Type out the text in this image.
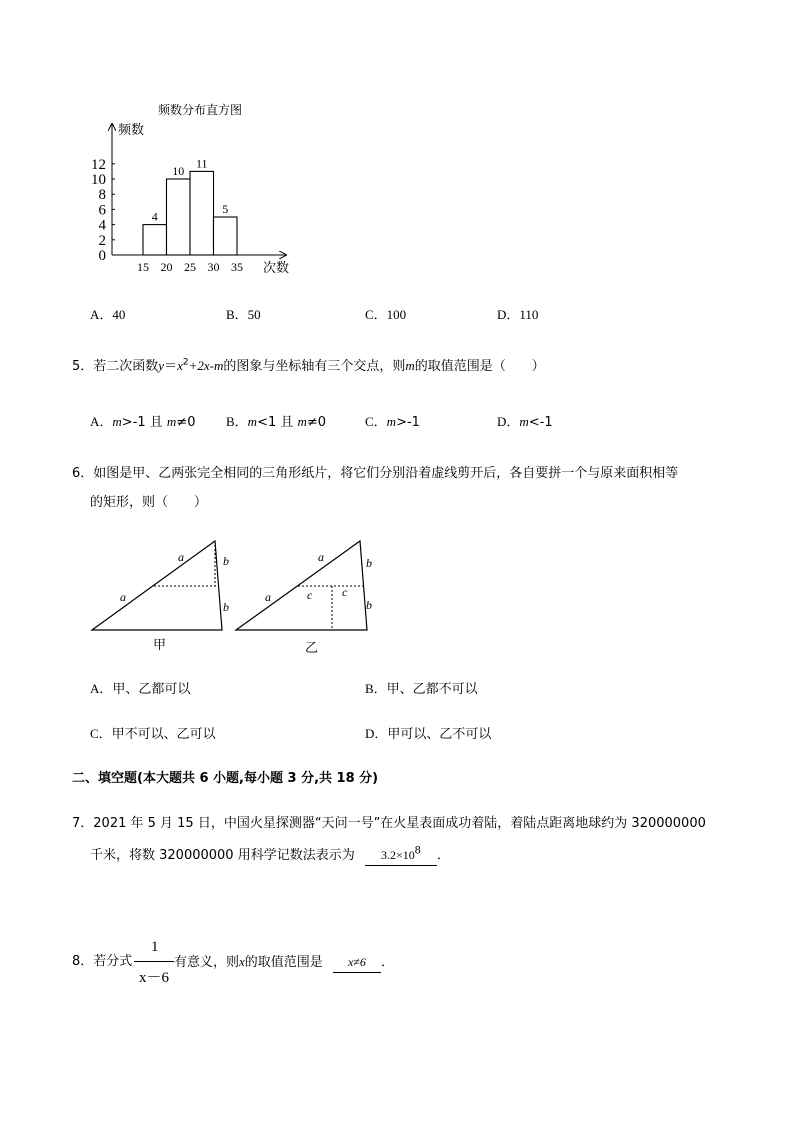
频数分布直方图
0
2
4
6
8
10
12
15 20 25 30 35
4
10
11
5
频数
次数
A．40	B．50	C．100	D．110
5．若二次函数$y=x^2+2x-m$的图象与坐标轴有三个交点，则m的取值范围是（　　）
A．m>-1 且 m≠0 B．m<1 且 m≠0	C．m>-1	D．m<-1
6．如图是甲、乙两张完全相同的三角形纸片，将它们分别沿着虚线剪开后，各自要拼一个与原来面积相等
的矩形，则（　　）
a
a
b
b
甲
a
a
b
b
c c
乙
A．甲、乙都可以	B．甲、乙都不可以
C．甲不可以、乙可以	D．甲可以、乙不可以
二、填空题(本大题共 6 小题,每小题 3 分,共 18 分)
7．2021 年 5 月 15 日，中国火星探测器“天问一号”在火星表面成功着陆，着陆点距离地球约为 320000000
千米，将数 320000000 用科学记数法表示为 3.2×108 ．
8．若分式
1
x－6
有意义，则x的取值范围是 x≠6 ．
